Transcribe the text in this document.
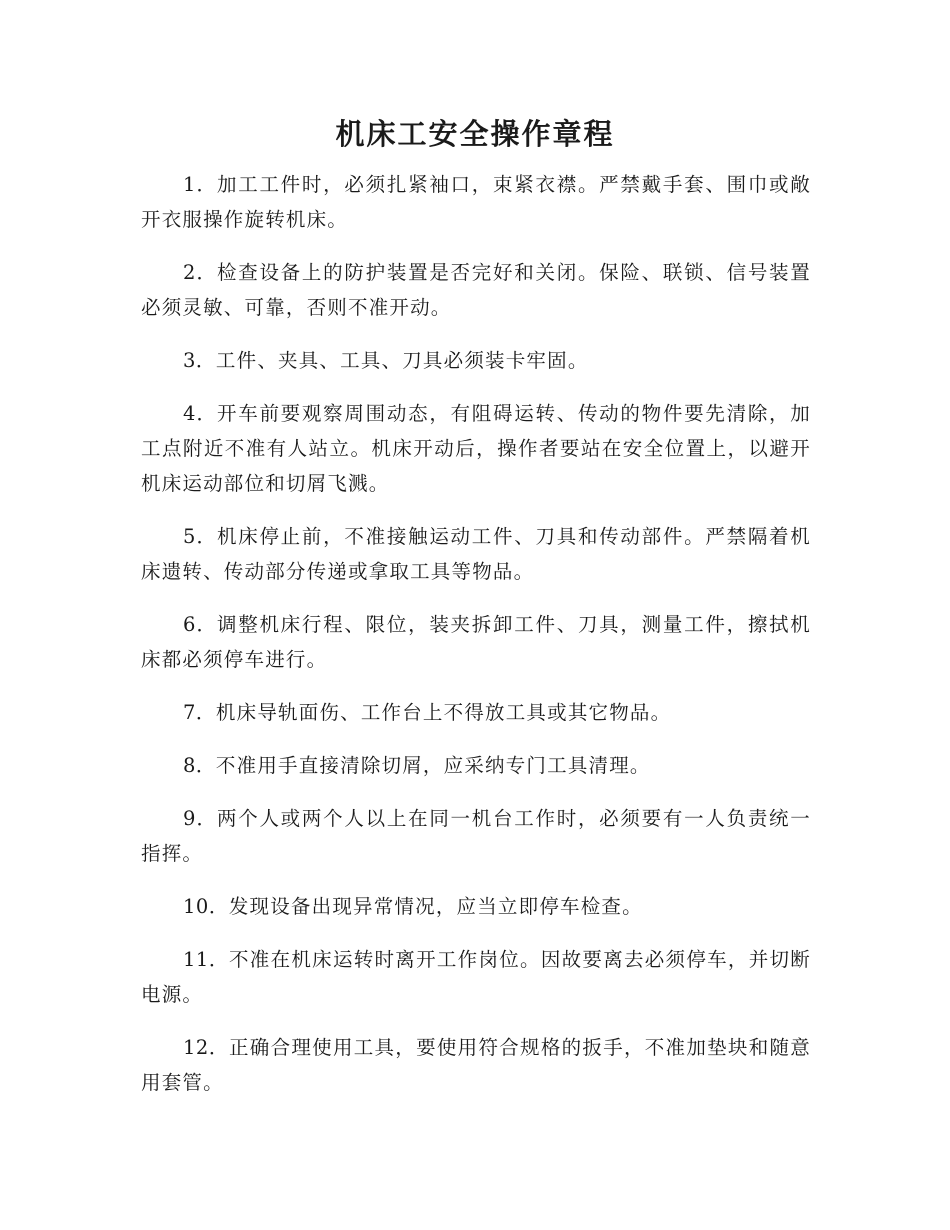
机床工安全操作章程

1．加工工件时，必须扎紧袖口，束紧衣襟。严禁戴手套、围巾或敞开衣服操作旋转机床。

2．检查设备上的防护装置是否完好和关闭。保险、联锁、信号装置必须灵敏、可靠，否则不准开动。

3．工件、夹具、工具、刀具必须装卡牢固。

4．开车前要观察周围动态，有阻碍运转、传动的物件要先清除，加工点附近不准有人站立。机床开动后，操作者要站在安全位置上，以避开机床运动部位和切屑飞溅。

5．机床停止前，不准接触运动工件、刀具和传动部件。严禁隔着机床遗转、传动部分传递或拿取工具等物品。

6．调整机床行程、限位，装夹拆卸工件、刀具，测量工件，擦拭机床都必须停车进行。

7．机床导轨面伤、工作台上不得放工具或其它物品。

8．不准用手直接清除切屑，应采纳专门工具清理。

9．两个人或两个人以上在同一机台工作时，必须要有一人负责统一指挥。

10．发现设备出现异常情况，应当立即停车检查。

11．不准在机床运转时离开工作岗位。因故要离去必须停车，并切断电源。

12．正确合理使用工具，要使用符合规格的扳手，不准加垫块和随意用套管。
